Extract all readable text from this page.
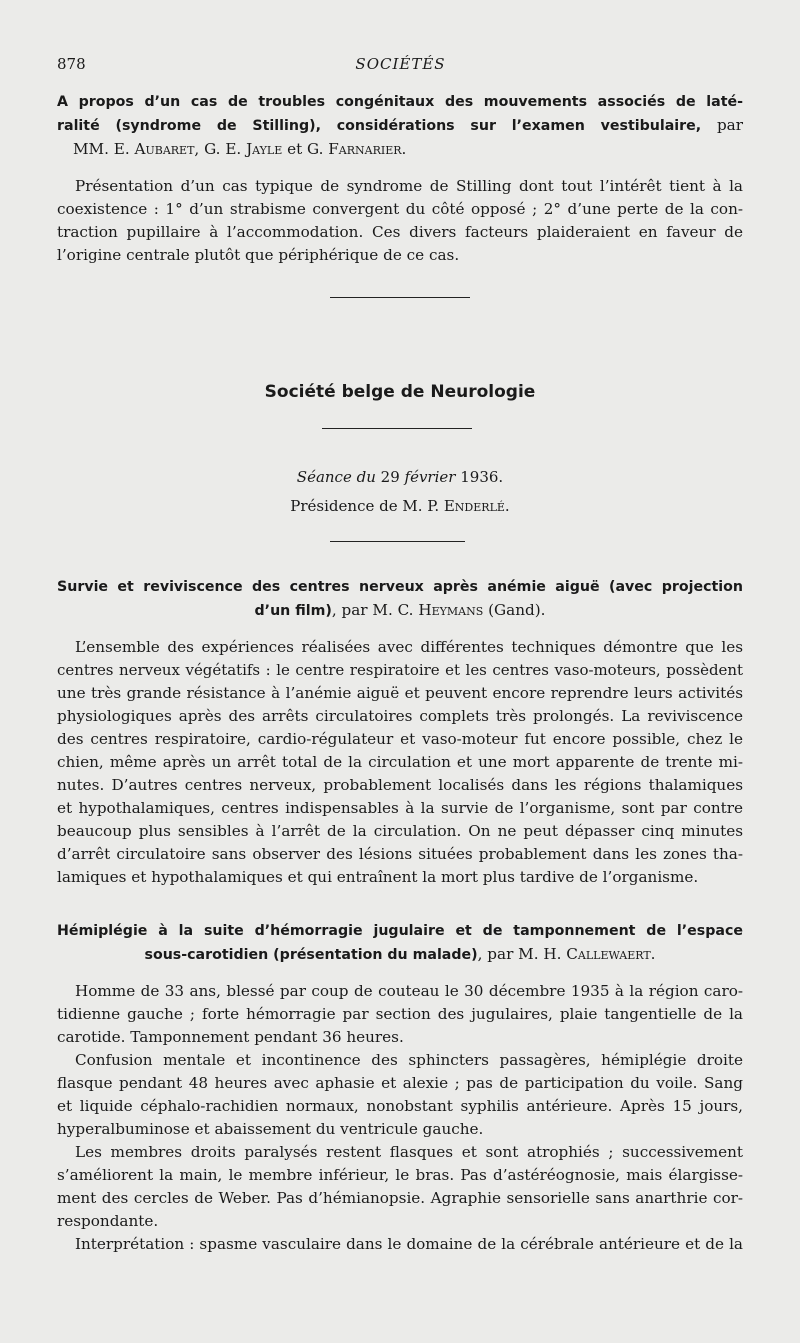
878	SOCIÉTÉS
A propos d’un cas de troubles congénitaux des mouvements associés de laté-
ralité (syndrome de Stilling), considérations sur l’examen vestibulaire, par
MM. E. Aubaret, G. E. Jayle et G. Farnarier.
Présentation d’un cas typique de syndrome de Stilling dont tout l’intérêt tient à la
coexistence : 1° d’un strabisme convergent du côté opposé ; 2° d’une perte de la con-
traction pupillaire à l’accommodation. Ces divers facteurs plaideraient en faveur de
l’origine centrale plutôt que périphérique de ce cas.
Société belge de Neurologie
Séance du 29 février 1936.
Présidence de M. P. Enderlé.
Survie et reviviscence des centres nerveux après anémie aiguë (avec projection
d’un film), par M. C. Heymans (Gand).
L’ensemble des expériences réalisées avec différentes techniques démontre que les
centres nerveux végétatifs : le centre respiratoire et les centres vaso-moteurs, possèdent
une très grande résistance à l’anémie aiguë et peuvent encore reprendre leurs activités
physiologiques après des arrêts circulatoires complets très prolongés. La reviviscence
des centres respiratoire, cardio-régulateur et vaso-moteur fut encore possible, chez le
chien, même après un arrêt total de la circulation et une mort apparente de trente mi-
nutes. D’autres centres nerveux, probablement localisés dans les régions thalamiques
et hypothalamiques, centres indispensables à la survie de l’organisme, sont par contre
beaucoup plus sensibles à l’arrêt de la circulation. On ne peut dépasser cinq minutes
d’arrêt circulatoire sans observer des lésions situées probablement dans les zones tha-
lamiques et hypothalamiques et qui entraînent la mort plus tardive de l’organisme.
Hémiplégie à la suite d’hémorragie jugulaire et de tamponnement de l’espace
sous-carotidien (présentation du malade), par M. H. Callewaert.
Homme de 33 ans, blessé par coup de couteau le 30 décembre 1935 à la région caro-
tidienne gauche ; forte hémorragie par section des jugulaires, plaie tangentielle de la
carotide. Tamponnement pendant 36 heures.
Confusion mentale et incontinence des sphincters passagères, hémiplégie droite
flasque pendant 48 heures avec aphasie et alexie ; pas de participation du voile. Sang
et liquide céphalo-rachidien normaux, nonobstant syphilis antérieure. Après 15 jours,
hyperalbuminose et abaissement du ventricule gauche.
Les membres droits paralysés restent flasques et sont atrophiés ; successivement
s’améliorent la main, le membre inférieur, le bras. Pas d’astéréognosie, mais élargisse-
ment des cercles de Weber. Pas d’hémianopsie. Agraphie sensorielle sans anarthrie cor-
respondante.
Interprétation : spasme vasculaire dans le domaine de la cérébrale antérieure et de la
